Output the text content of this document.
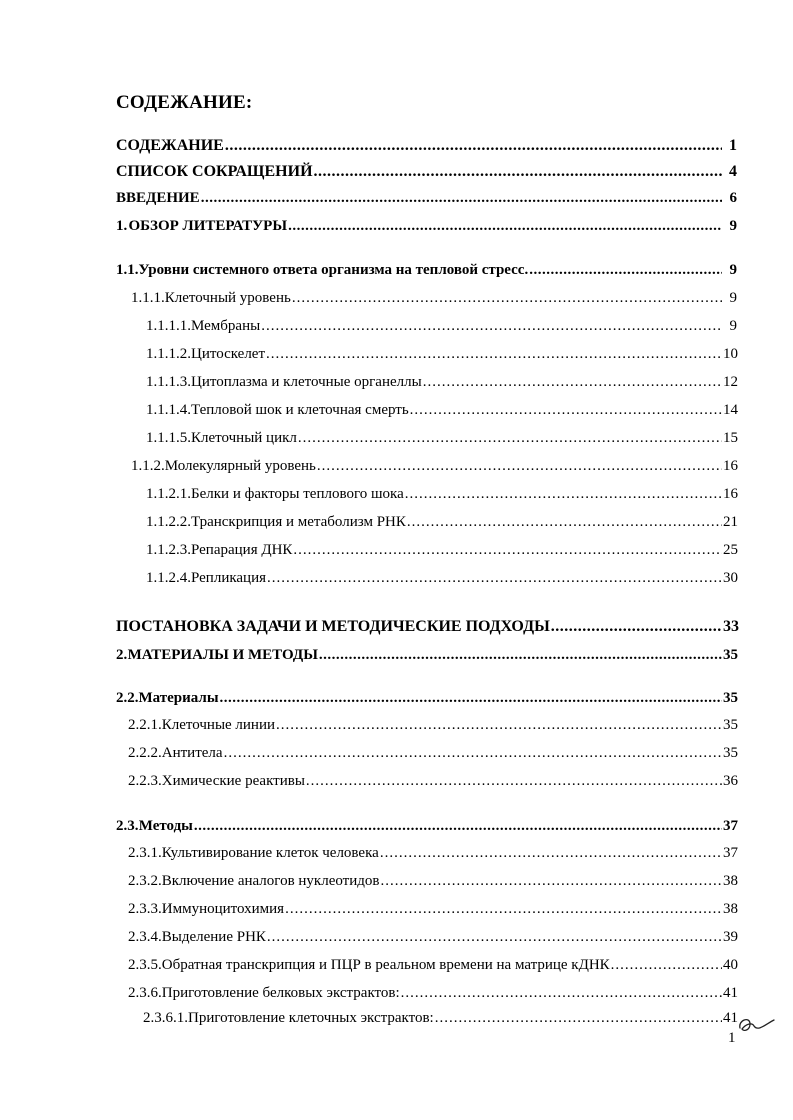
СОДЕЖАНИЕ:
СОДЕЖАНИЕ .....	1
СПИСОК СОКРАЩЕНИЙ .....	4
ВВЕДЕНИЕ .....	6
1. ОБЗОР ЛИТЕРАТУРЫ .....	9
1.1. Уровни системного ответа организма на тепловой стресс. .....	9
1.1.1. Клеточный уровень .....	9
1.1.1.1. Мембраны .....	9
1.1.1.2. Цитоскелет .....	10
1.1.1.3. Цитоплазма и клеточные органеллы .....	12
1.1.1.4. Тепловой шок и клеточная смерть .....	14
1.1.1.5. Клеточный цикл .....	15
1.1.2. Молекулярный уровень .....	16
1.1.2.1. Белки и факторы теплового шока .....	16
1.1.2.2. Транскрипция и метаболизм РНК .....	21
1.1.2.3. Репарация ДНК .....	25
1.1.2.4. Репликация .....	30
ПОСТАНОВКА ЗАДАЧИ И МЕТОДИЧЕСКИЕ ПОДХОДЫ .....	33
2. МАТЕРИАЛЫ И МЕТОДЫ .....	35
2.2. Материалы .....	35
2.2.1. Клеточные линии .....	35
2.2.2. Антитела .....	35
2.2.3. Химические реактивы .....	36
2.3. Методы .....	37
2.3.1. Культивирование клеток человека .....	37
2.3.2. Включение аналогов нуклеотидов .....	38
2.3.3. Иммуноцитохимия .....	38
2.3.4. Выделение РНК .....	39
2.3.5. Обратная транскрипция и ПЦР в реальном времени на матрице кДНК .....	40
2.3.6. Приготовление белковых экстрактов: .....	41
2.3.6.1. Приготовление клеточных экстрактов: .....	41
1
